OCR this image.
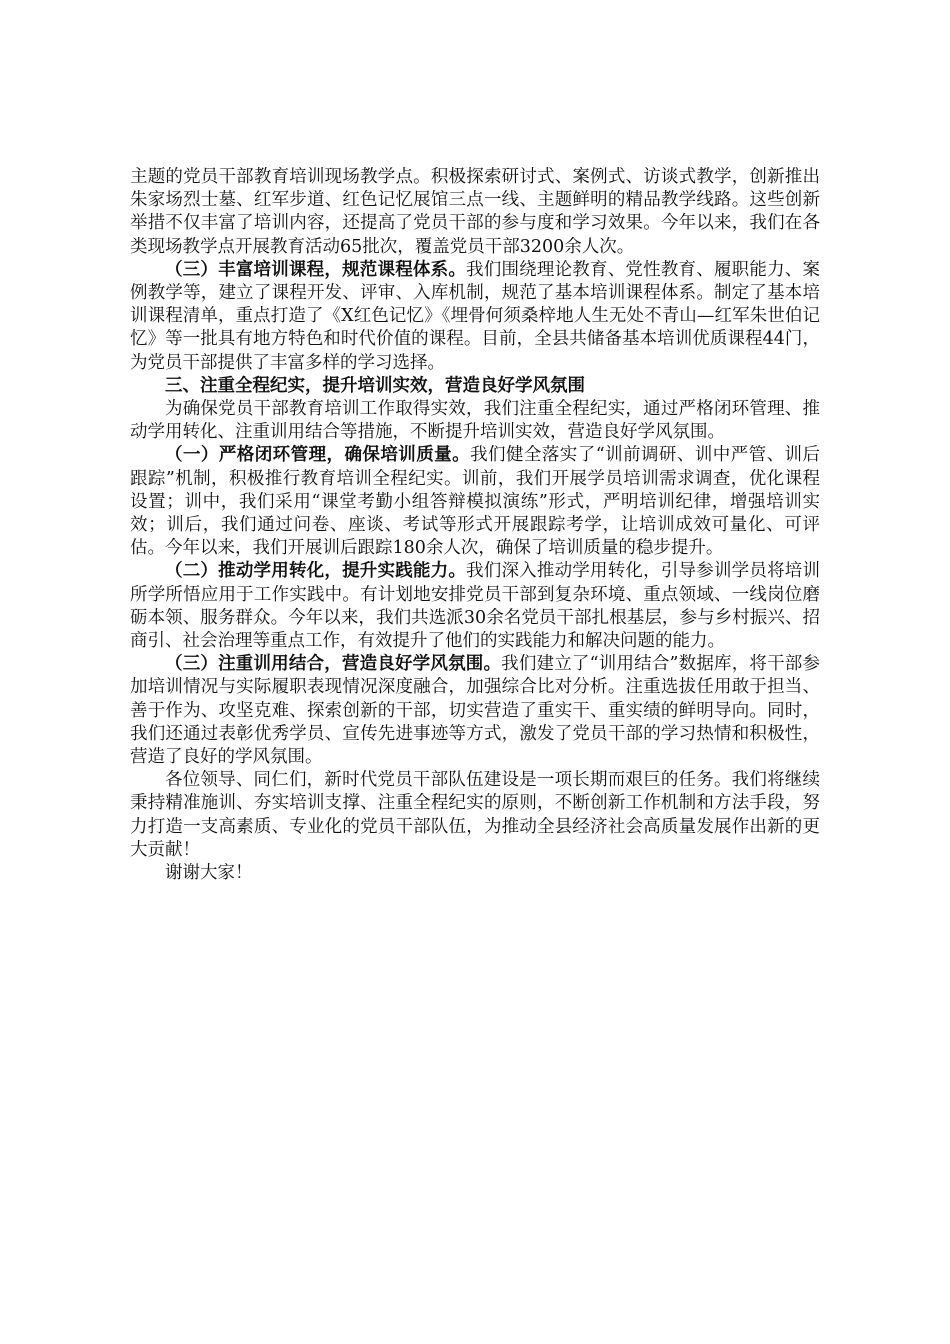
主题的党员干部教育培训现场教学点。积极探索研讨式、案例式、访谈式教学，创新推出朱家场烈士墓、红军步道、红色记忆展馆三点一线、主题鲜明的精品教学线路。这些创新举措不仅丰富了培训内容，还提高了党员干部的参与度和学习效果。今年以来，我们在各类现场教学点开展教育活动65批次，覆盖党员干部3200余人次。

（三）丰富培训课程，规范课程体系。我们围绕理论教育、党性教育、履职能力、案例教学等，建立了课程开发、评审、入库机制，规范了基本培训课程体系。制定了基本培训课程清单，重点打造了《X红色记忆》《埋骨何须桑梓地人生无处不青山—红军朱世伯记忆》等一批具有地方特色和时代价值的课程。目前，全县共储备基本培训优质课程44门，为党员干部提供了丰富多样的学习选择。

三、注重全程纪实，提升培训实效，营造良好学风氛围

为确保党员干部教育培训工作取得实效，我们注重全程纪实，通过严格闭环管理、推动学用转化、注重训用结合等措施，不断提升培训实效，营造良好学风氛围。

（一）严格闭环管理，确保培训质量。我们健全落实了“训前调研、训中严管、训后跟踪”机制，积极推行教育培训全程纪实。训前，我们开展学员培训需求调查，优化课程设置；训中，我们采用“课堂考勤小组答辩模拟演练”形式，严明培训纪律，增强培训实效；训后，我们通过问卷、座谈、考试等形式开展跟踪考学，让培训成效可量化、可评估。今年以来，我们开展训后跟踪180余人次，确保了培训质量的稳步提升。

（二）推动学用转化，提升实践能力。我们深入推动学用转化，引导参训学员将培训所学所悟应用于工作实践中。有计划地安排党员干部到复杂环境、重点领域、一线岗位磨砺本领、服务群众。今年以来，我们共选派30余名党员干部扎根基层，参与乡村振兴、招商引、社会治理等重点工作，有效提升了他们的实践能力和解决问题的能力。

（三）注重训用结合，营造良好学风氛围。我们建立了“训用结合”数据库，将干部参加培训情况与实际履职表现情况深度融合，加强综合比对分析。注重选拔任用敢于担当、善于作为、攻坚克难、探索创新的干部，切实营造了重实干、重实绩的鲜明导向。同时，我们还通过表彰优秀学员、宣传先进事迹等方式，激发了党员干部的学习热情和积极性，营造了良好的学风氛围。

各位领导、同仁们，新时代党员干部队伍建设是一项长期而艰巨的任务。我们将继续秉持精准施训、夯实培训支撑、注重全程纪实的原则，不断创新工作机制和方法手段，努力打造一支高素质、专业化的党员干部队伍，为推动全县经济社会高质量发展作出新的更大贡献！

谢谢大家！
